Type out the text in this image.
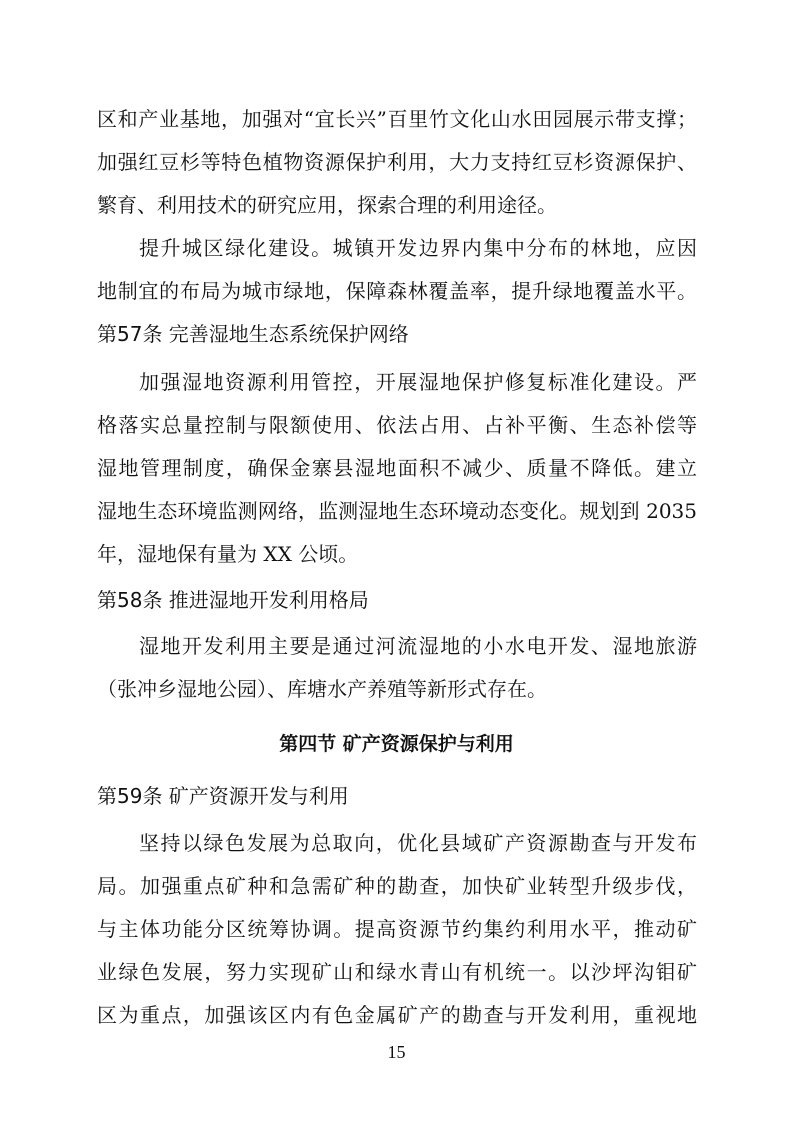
区和产业基地，加强对“宜长兴”百里竹文化山水田园展示带支撑；
加强红豆杉等特色植物资源保护利用，大力支持红豆杉资源保护、
繁育、利用技术的研究应用，探索合理的利用途径。
提升城区绿化建设。城镇开发边界内集中分布的林地，应因
地制宜的布局为城市绿地，保障森林覆盖率，提升绿地覆盖水平。
第57条 完善湿地生态系统保护网络
加强湿地资源利用管控，开展湿地保护修复标准化建设。严
格落实总量控制与限额使用、依法占用、占补平衡、生态补偿等
湿地管理制度，确保金寨县湿地面积不减少、质量不降低。建立
湿地生态环境监测网络，监测湿地生态环境动态变化。规划到 2035
年，湿地保有量为 XX 公顷。
第58条 推进湿地开发利用格局
湿地开发利用主要是通过河流湿地的小水电开发、湿地旅游
（张冲乡湿地公园）、库塘水产养殖等新形式存在。
第四节 矿产资源保护与利用
第59条 矿产资源开发与利用
坚持以绿色发展为总取向，优化县域矿产资源勘查与开发布
局。加强重点矿种和急需矿种的勘查，加快矿业转型升级步伐，
与主体功能分区统筹协调。提高资源节约集约利用水平，推动矿
业绿色发展，努力实现矿山和绿水青山有机统一。以沙坪沟钼矿
区为重点，加强该区内有色金属矿产的勘查与开发利用，重视地
15
